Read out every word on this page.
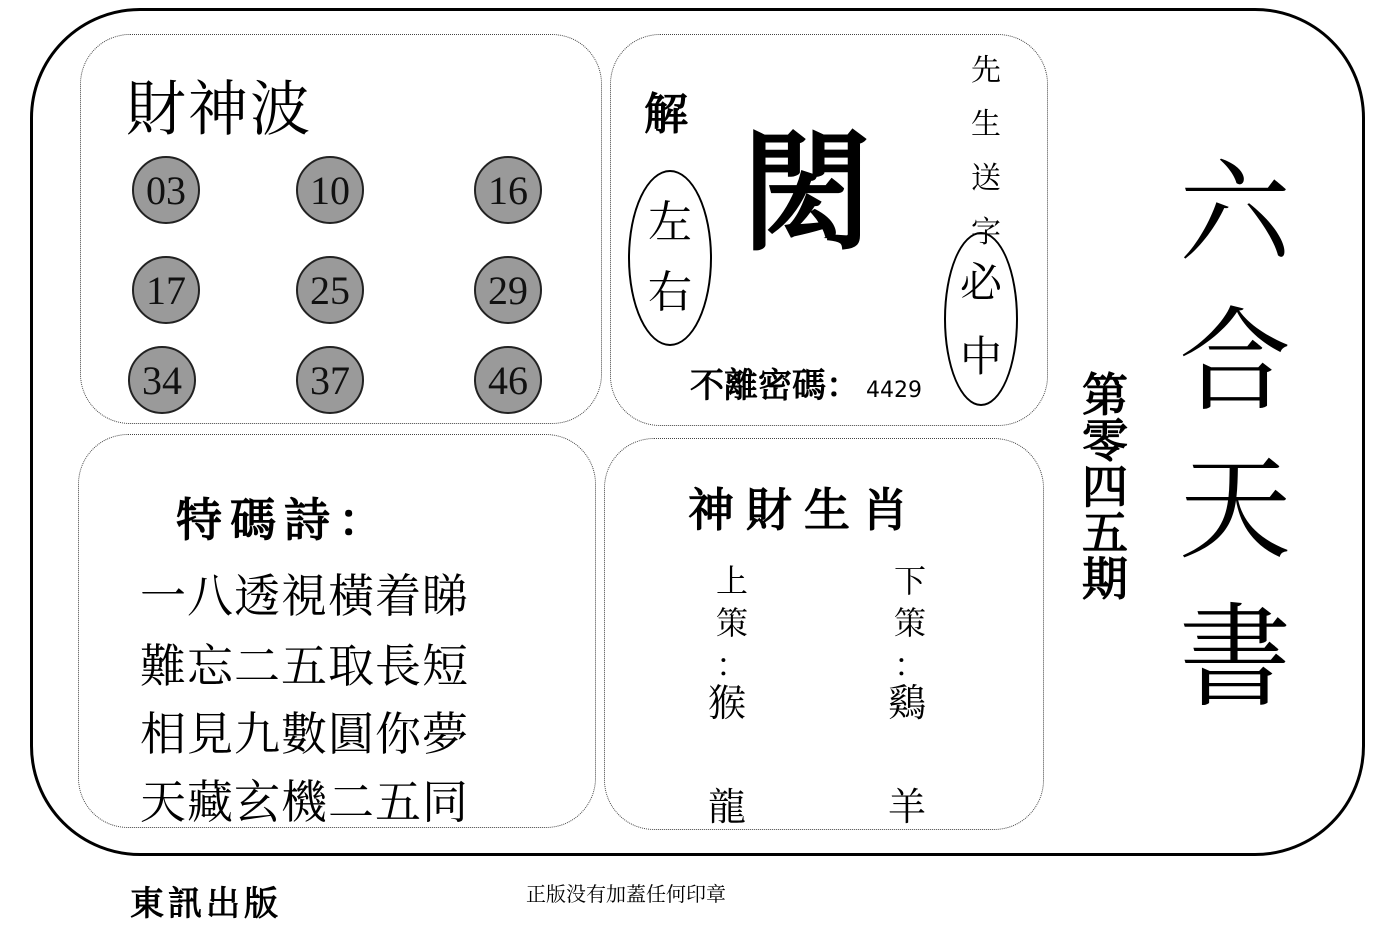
財神波
03	10	16
17	25	29
34	37	46
解
閎
左
右
先
生
送
字
必
中
不離密碼： 4429
特碼詩：
一八透視橫着睇
難忘二五取長短
相見九數圓你夢
天藏玄機二五同
神財生肖
上
策
：
下
策
：
猴
龍
鷄
羊
六
合
天
書
第
零
四
五
期
東訊出版	正版没有加蓋任何印章
